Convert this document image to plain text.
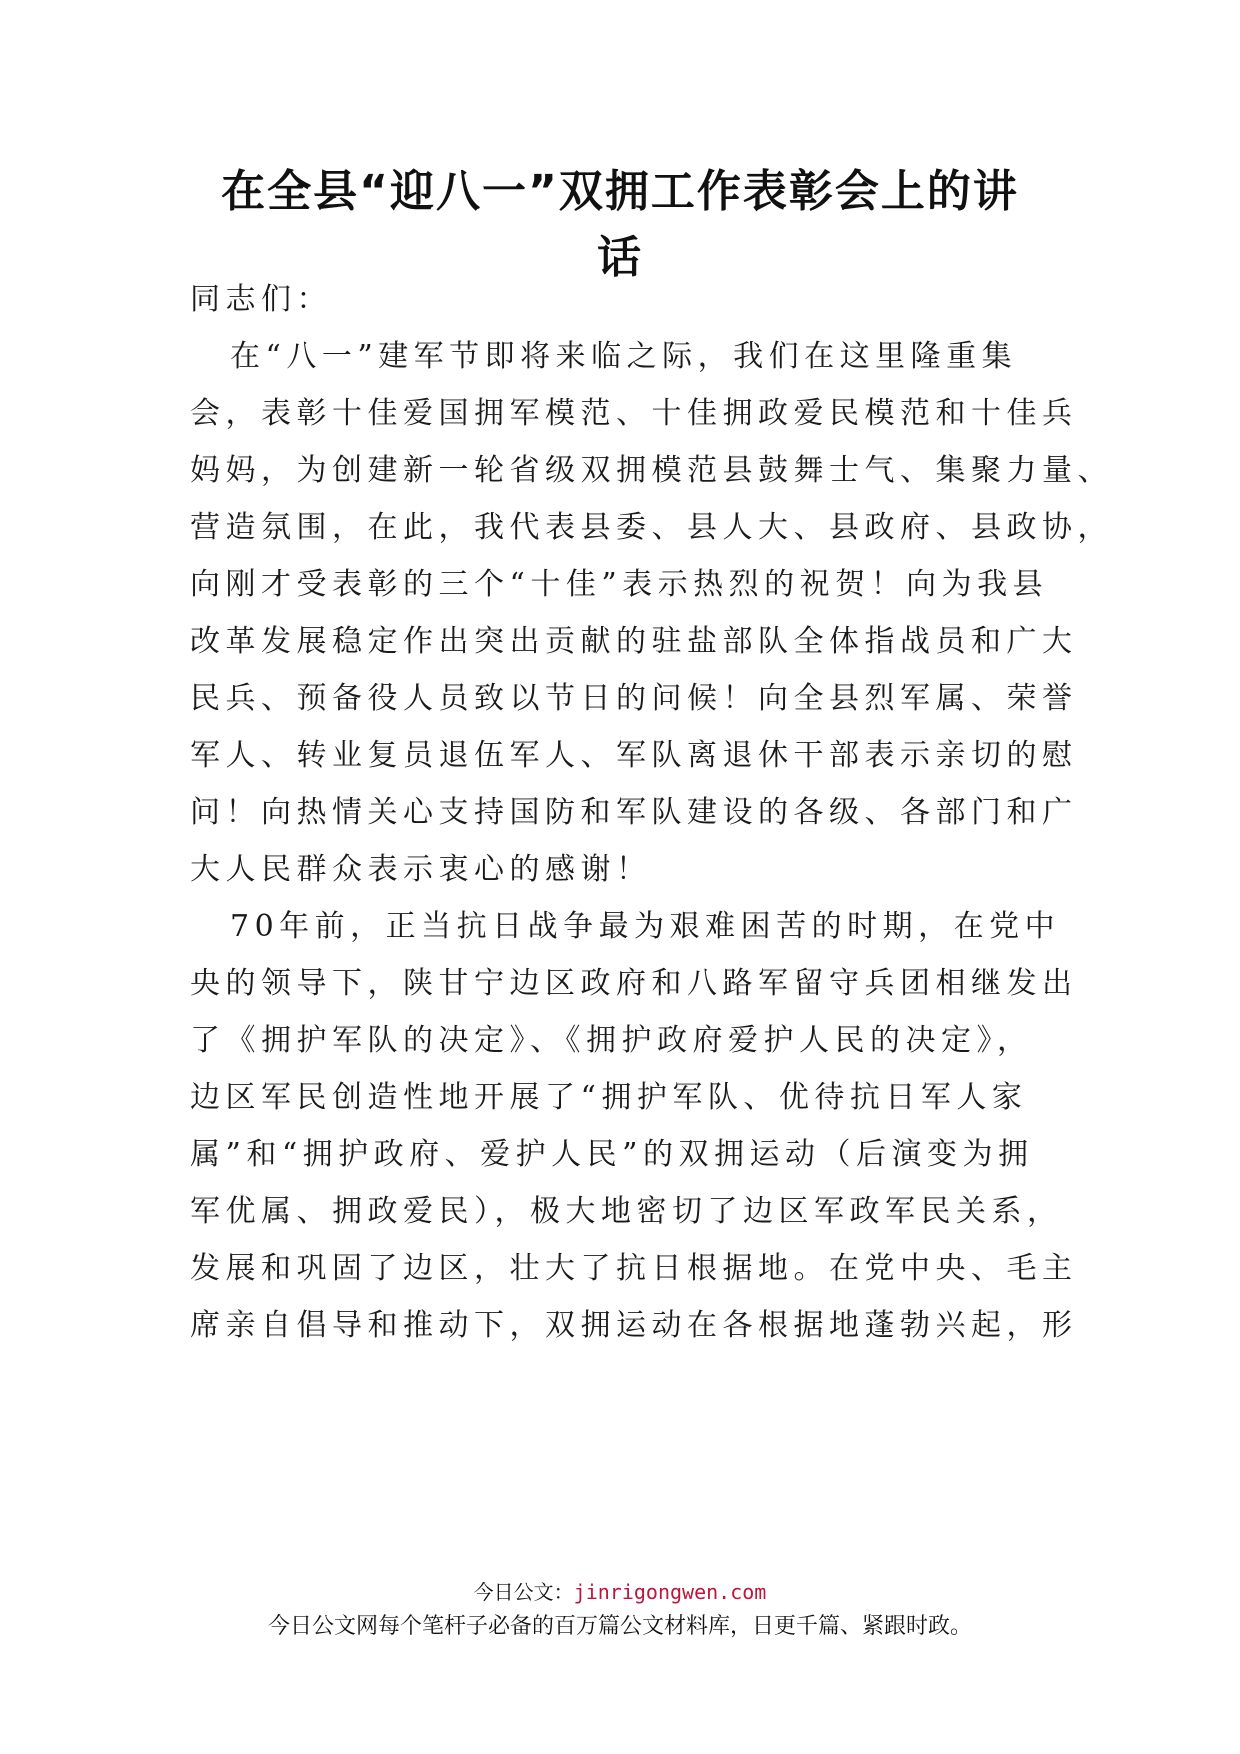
在全县“迎八一”双拥工作表彰会上的讲
话

同志们：

在“八一”建军节即将来临之际，我们在这里隆重集

会，表彰十佳爱国拥军模范、十佳拥政爱民模范和十佳兵

妈妈，为创建新一轮省级双拥模范县鼓舞士气、集聚力量、

营造氛围，在此，我代表县委、县人大、县政府、县政协，

向刚才受表彰的三个“十佳”表示热烈的祝贺！向为我县

改革发展稳定作出突出贡献的驻盐部队全体指战员和广大

民兵、预备役人员致以节日的问候！向全县烈军属、荣誉

军人、转业复员退伍军人、军队离退休干部表示亲切的慰

问！向热情关心支持国防和军队建设的各级、各部门和广

大人民群众表示衷心的感谢！

70年前，正当抗日战争最为艰难困苦的时期，在党中

央的领导下，陕甘宁边区政府和八路军留守兵团相继发出

了《拥护军队的决定》、《拥护政府爱护人民的决定》，

边区军民创造性地开展了“拥护军队、优待抗日军人家

属”和“拥护政府、爱护人民”的双拥运动（后演变为拥

军优属、拥政爱民），极大地密切了边区军政军民关系，

发展和巩固了边区，壮大了抗日根据地。在党中央、毛主

席亲自倡导和推动下，双拥运动在各根据地蓬勃兴起，形

今日公文：jinrigongwen.com
今日公文网每个笔杆子必备的百万篇公文材料库，日更千篇、紧跟时政。
